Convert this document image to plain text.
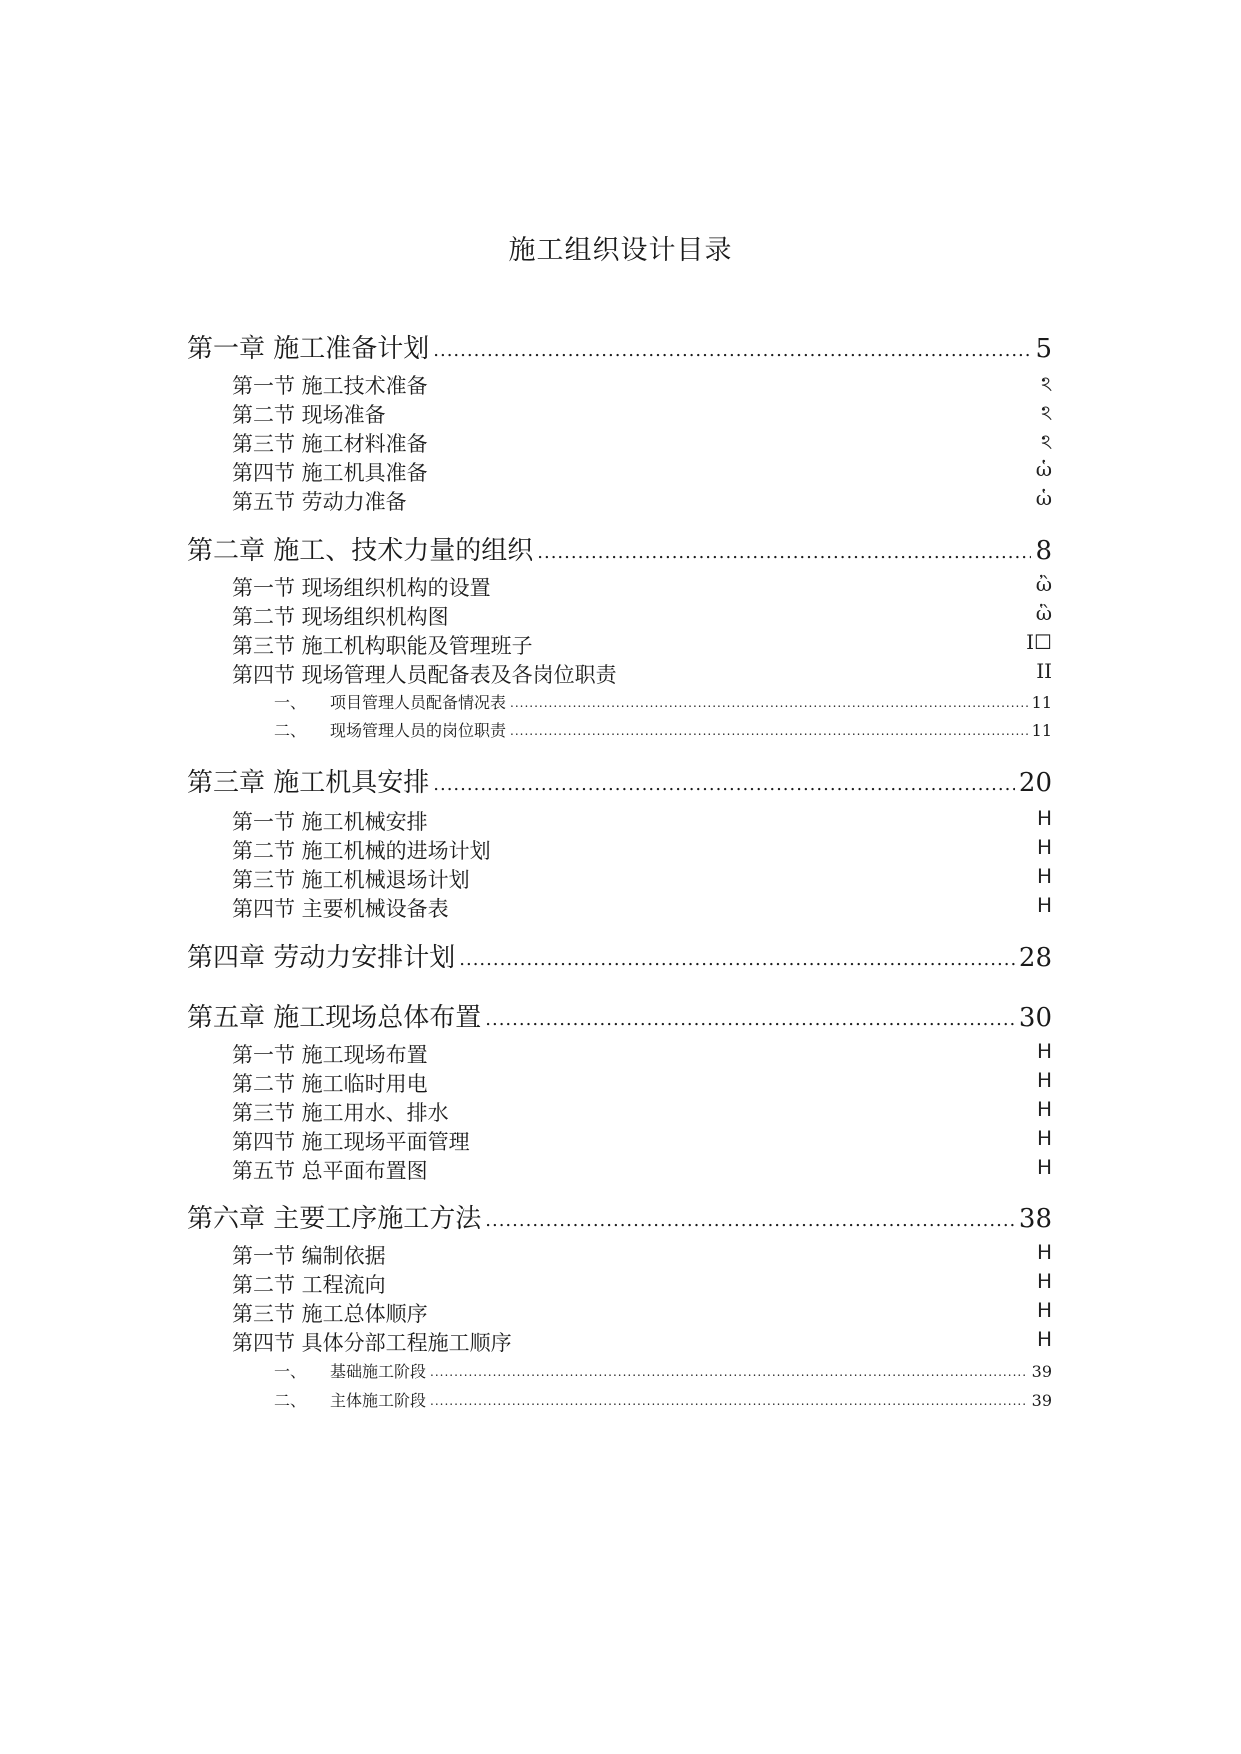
施工组织设计目录
第一章 施工准备计划 .....	5
第一节 施工技术准备	ঽ
第二节 现场准备	ঽ
第三节 施工材料准备	ঽ
第四节 施工机具准备	ὡ
第五节 劳动力准备	ὡ
第二章 施工、技术力量的组织 .....	8
第一节 现场组织机构的设置	ὢ
第二节 现场组织机构图	ὣ
第三节 施工机构职能及管理班子	I☐
第四节 现场管理人员配备表及各岗位职责	II
一、	项目管理人员配备情况表 .....	11
二、	现场管理人员的岗位职责 .....	11
第三章 施工机具安排 .....	20
第一节 施工机械安排	ᕼ
第二节 施工机械的进场计划	ᕼ
第三节 施工机械退场计划	ᕼ
第四节 主要机械设备表	ᕼ
第四章 劳动力安排计划 .....	28
第五章 施工现场总体布置 .....	30
第一节 施工现场布置	ᕼ
第二节 施工临时用电	ᕼ
第三节 施工用水、排水	ᕼ
第四节 施工现场平面管理	ᕼ
第五节 总平面布置图	ᕼ
第六章 主要工序施工方法 .....	38
第一节 编制依据	ᕼ
第二节 工程流向	ᕼ
第三节 施工总体顺序	ᕼ
第四节 具体分部工程施工顺序	ᕼ
一、	基础施工阶段 .....	39
二、	主体施工阶段 .....	39
